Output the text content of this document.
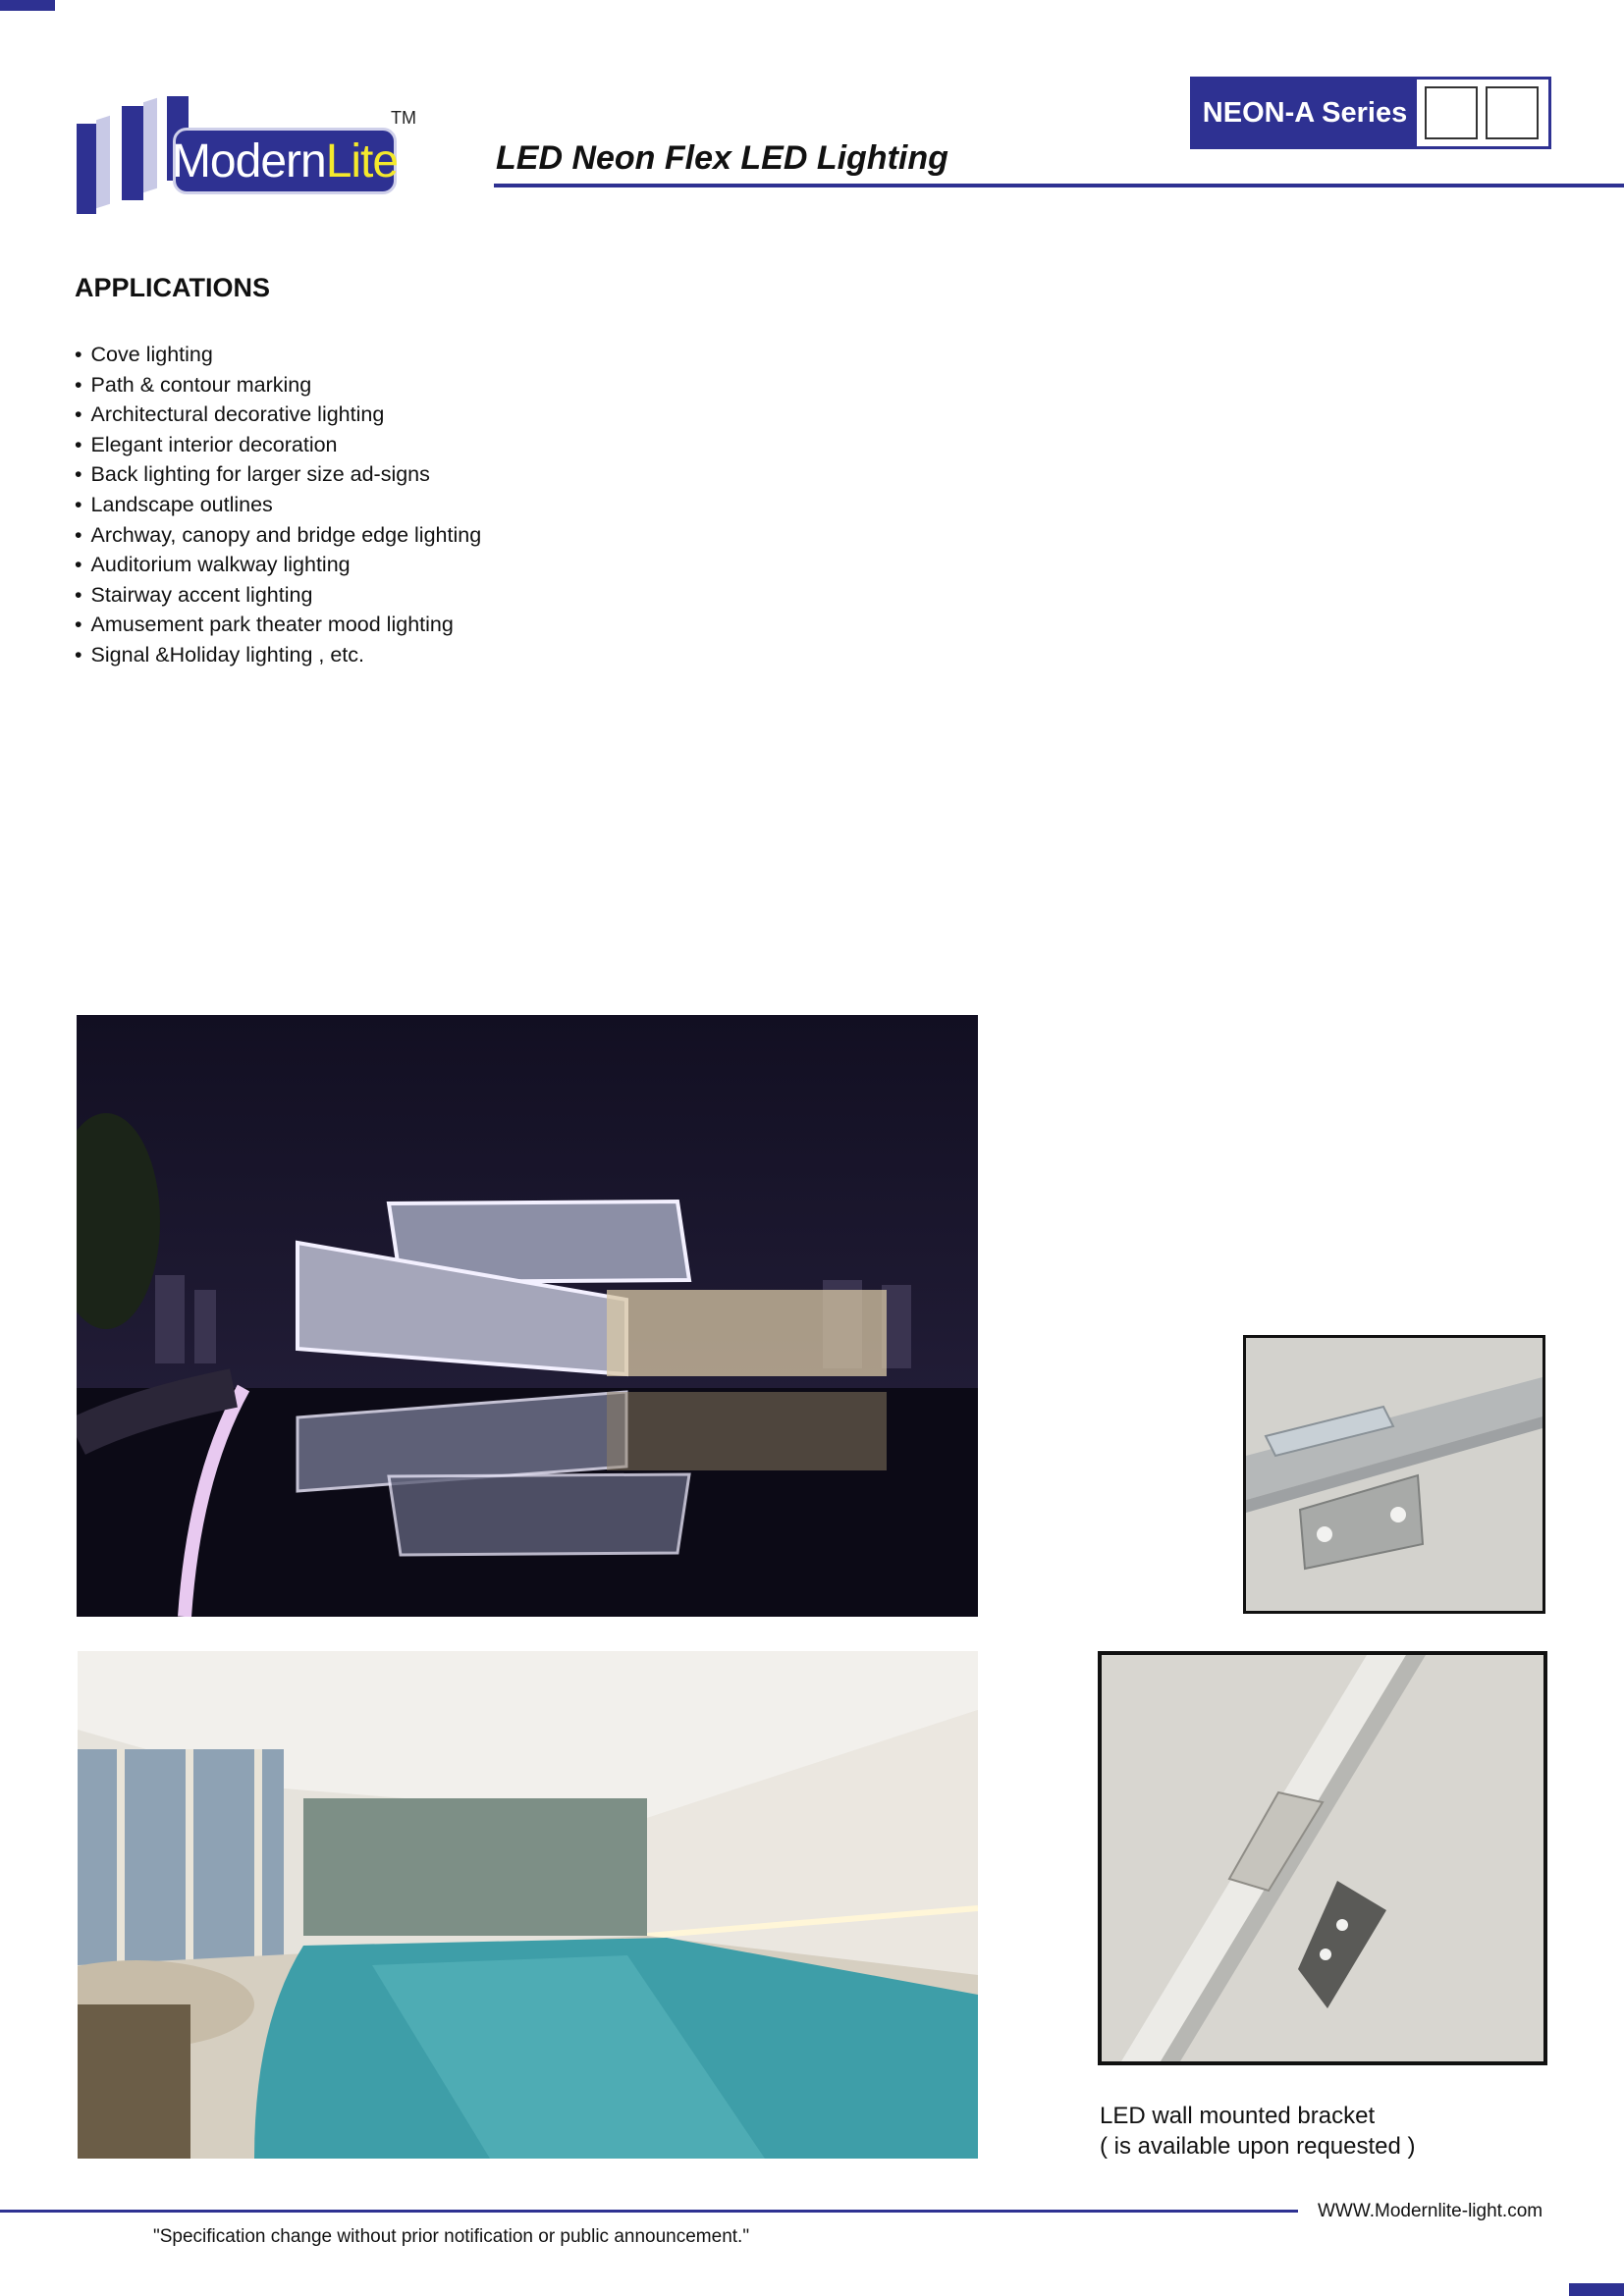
Modern Lite
TM	NEON-A Series
LED Neon Flex LED Lighting
APPLICATIONS
• Cove lighting
• Path & contour marking
• Architectural decorative lighting
• Elegant interior decoration
• Back lighting for larger size ad-signs
• Landscape outlines
• Archway, canopy and bridge edge lighting
• Auditorium walkway lighting
• Stairway accent lighting
• Amusement park theater mood lighting
• Signal &Holiday lighting , etc.
LED wall mounted bracket
( is available upon requested )
WWW.Modernlite-light.com
"Specification change without prior notification or public announcement."
